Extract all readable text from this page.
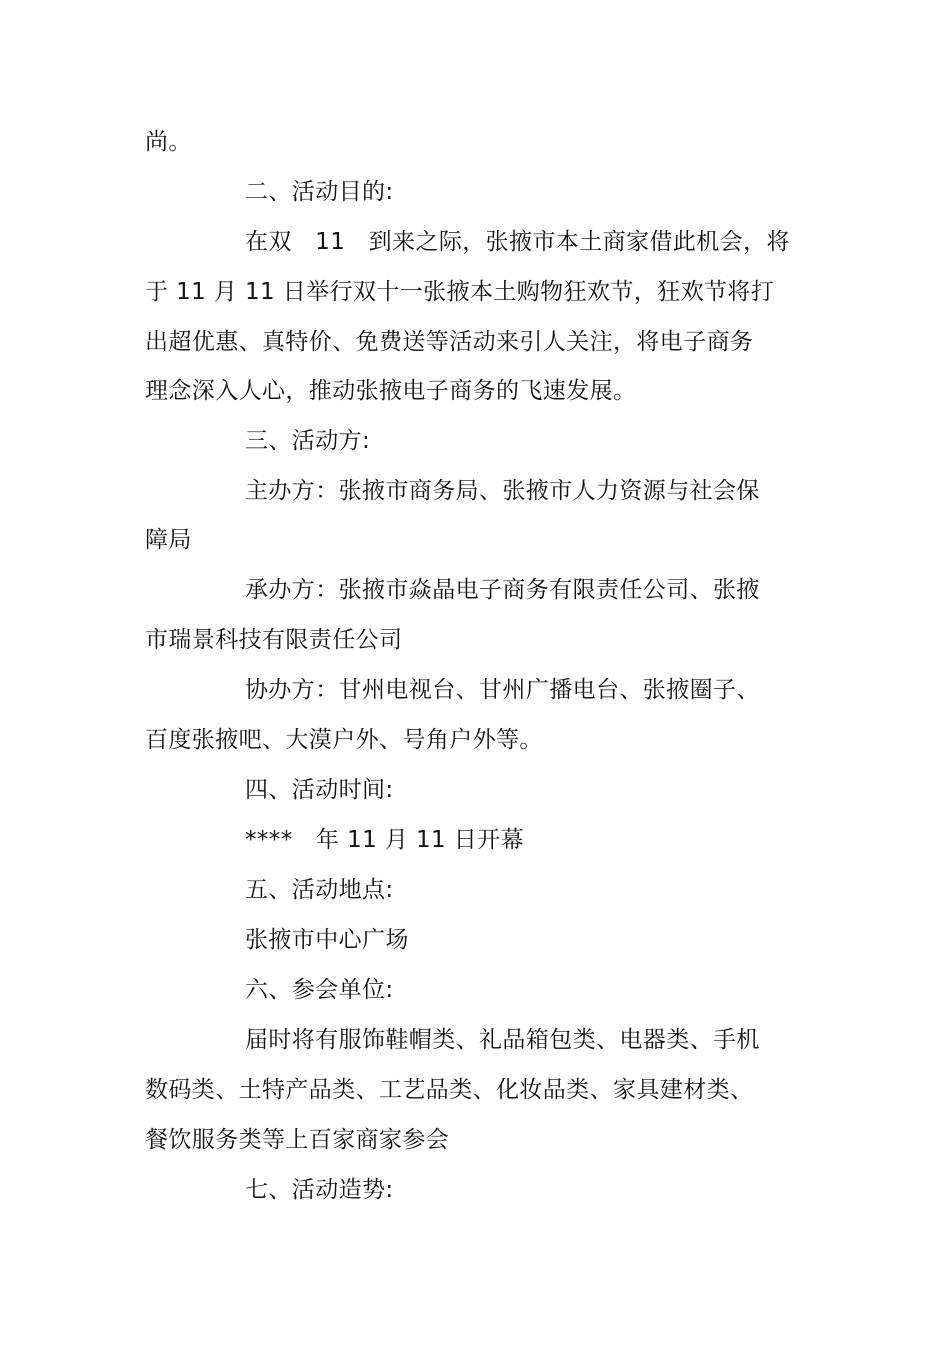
尚。
二、活动目的:
在双　11　到来之际，张掖市本土商家借此机会，将
于 11 月 11 日举行双十一张掖本土购物狂欢节，狂欢节将打
出超优惠、真特价、免费送等活动来引人关注，将电子商务
理念深入人心，推动张掖电子商务的飞速发展。
三、活动方:
主办方：张掖市商务局、张掖市人力资源与社会保
障局
承办方：张掖市焱晶电子商务有限责任公司、张掖
市瑞景科技有限责任公司
协办方：甘州电视台、甘州广播电台、张掖圈子、
百度张掖吧、大漠户外、号角户外等。
四、活动时间:
****　年 11 月 11 日开幕
五、活动地点:
张掖市中心广场
六、参会单位:
届时将有服饰鞋帽类、礼品箱包类、电器类、手机
数码类、土特产品类、工艺品类、化妆品类、家具建材类、
餐饮服务类等上百家商家参会
七、活动造势:
